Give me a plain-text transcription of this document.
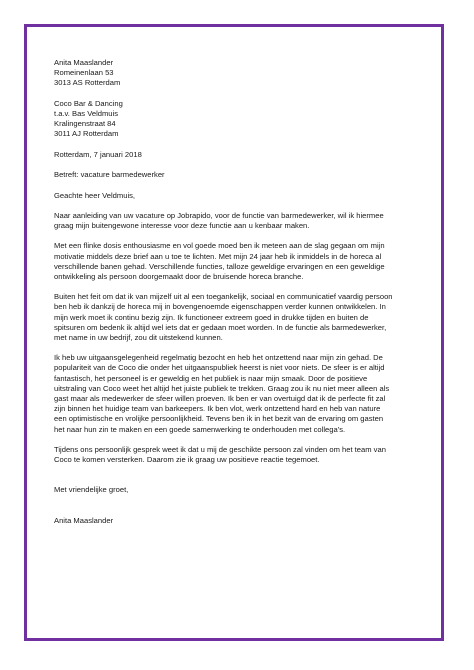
Anita Maaslander
Romeinenlaan 53
3013 AS Rotterdam
Coco Bar & Dancing
t.a.v. Bas Veldmuis
Kralingenstraat 84
3011 AJ Rotterdam
Rotterdam, 7 januari 2018
Betreft: vacature barmedewerker
Geachte heer Veldmuis,

Naar aanleiding van uw vacature op Jobrapido, voor de functie van barmedewerker, wil ik hiermee
graag mijn buitengewone interesse voor deze functie aan u kenbaar maken.

Met een flinke dosis enthousiasme en vol goede moed ben ik meteen aan de slag gegaan om mijn
motivatie middels deze brief aan u toe te lichten. Met mijn 24 jaar heb ik inmiddels in de horeca al
verschillende banen gehad. Verschillende functies, talloze geweldige ervaringen en een geweldige
ontwikkeling als persoon doorgemaakt door de bruisende horeca branche.

Buiten het feit om dat ik van mijzelf uit al een toegankelijk, sociaal en communicatief vaardig persoon
ben heb ik dankzij de horeca mij in bovengenoemde eigenschappen verder kunnen ontwikkelen. In
mijn werk moet ik continu bezig zijn. Ik functioneer extreem goed in drukke tijden en buiten de
spitsuren om bedenk ik altijd wel iets dat er gedaan moet worden. In de functie als barmedewerker,
met name in uw bedrijf, zou dit uitstekend kunnen.

Ik heb uw uitgaansgelegenheid regelmatig bezocht en heb het ontzettend naar mijn zin gehad. De
populariteit van de Coco die onder het uitgaanspubliek heerst is niet voor niets. De sfeer is er altijd
fantastisch, het personeel is er geweldig en het publiek is naar mijn smaak. Door de positieve
uitstraling van Coco weet het altijd het juiste publiek te trekken. Graag zou ik nu niet meer alleen als
gast maar als medewerker de sfeer willen proeven. Ik ben er van overtuigd dat ik de perfecte fit zal
zijn binnen het huidige team van barkeepers. Ik ben vlot, werk ontzettend hard en heb van nature
een optimistische en vrolijke persoonlijkheid. Tevens ben ik in het bezit van de ervaring om gasten
het naar hun zin te maken en een goede samenwerking te onderhouden met collega’s.

Tijdens ons persoonlijk gesprek weet ik dat u mij de geschikte persoon zal vinden om het team van
Coco te komen versterken. Daarom zie ik graag uw positieve reactie tegemoet.

Met vriendelijke groet,
Anita Maaslander
